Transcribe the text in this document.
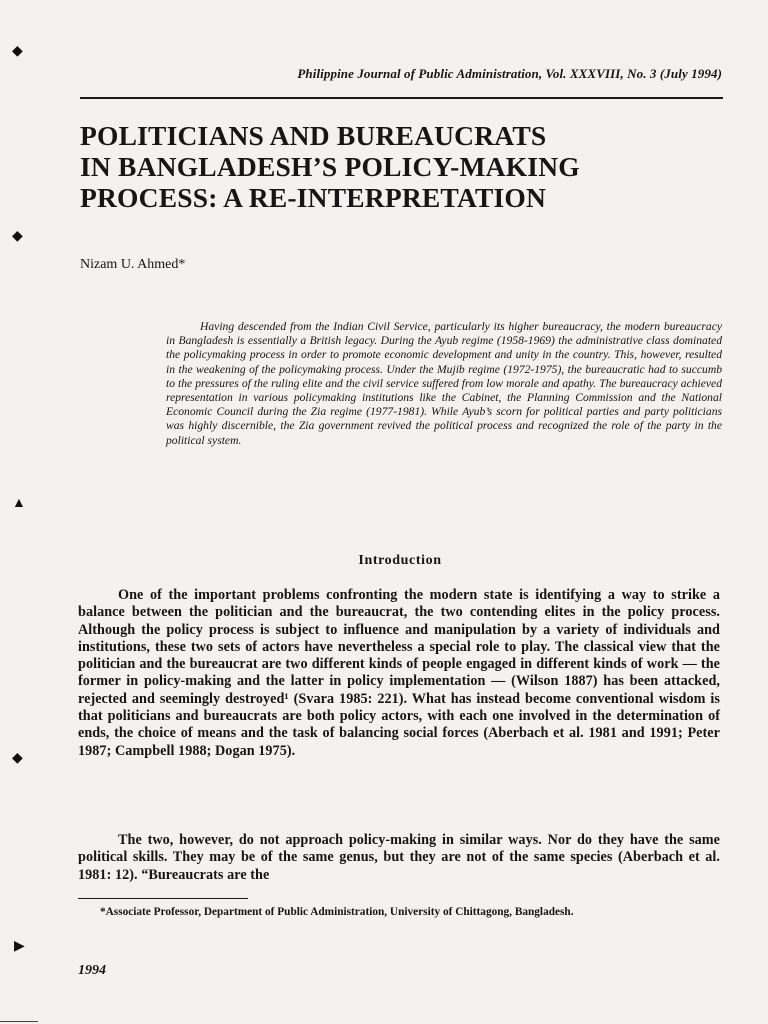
Philippine Journal of Public Administration, Vol. XXXVIII, No. 3 (July 1994)
POLITICIANS AND BUREAUCRATS
IN BANGLADESH’S POLICY-MAKING
PROCESS: A RE-INTERPRETATION
Nizam U. Ahmed*

Having descended from the Indian Civil Service, particularly its higher bureaucracy, the modern bureaucracy in Bangladesh is essentially a British legacy. During the Ayub regime (1958-1969) the administrative class dominated the policymaking process in order to promote economic development and unity in the country. This, however, resulted in the weakening of the policymaking process. Under the Mujib regime (1972-1975), the bureaucratic had to succumb to the pressures of the ruling elite and the civil service suffered from low morale and apathy. The bureaucracy achieved representation in various policymaking institutions like the Cabinet, the Planning Commission and the National Economic Council during the Zia regime (1977-1981). While Ayub’s scorn for political parties and party politicians was highly discernible, the Zia government revived the political process and recognized the role of the party in the political system.

Introduction

One of the important problems confronting the modern state is identifying a way to strike a balance between the politician and the bureaucrat, the two contending elites in the policy process. Although the policy process is subject to influence and manipulation by a variety of individuals and institutions, these two sets of actors have nevertheless a special role to play. The classical view that the politician and the bureaucrat are two different kinds of people engaged in different kinds of work — the former in policy-making and the latter in policy implementation — (Wilson 1887) has been attacked, rejected and seemingly destroyed¹ (Svara 1985: 221). What has instead become conventional wisdom is that politicians and bureaucrats are both policy actors, with each one involved in the determination of ends, the choice of means and the task of balancing social forces (Aberbach et al. 1981 and 1991; Peter 1987; Campbell 1988; Dogan 1975).

The two, however, do not approach policy-making in similar ways. Nor do they have the same political skills. They may be of the same genus, but they are not of the same species (Aberbach et al. 1981: 12). “Bureaucrats are the

*Associate Professor, Department of Public Administration, University of Chittagong, Bangladesh.
1994
◆
◆
▲
◆
▶
